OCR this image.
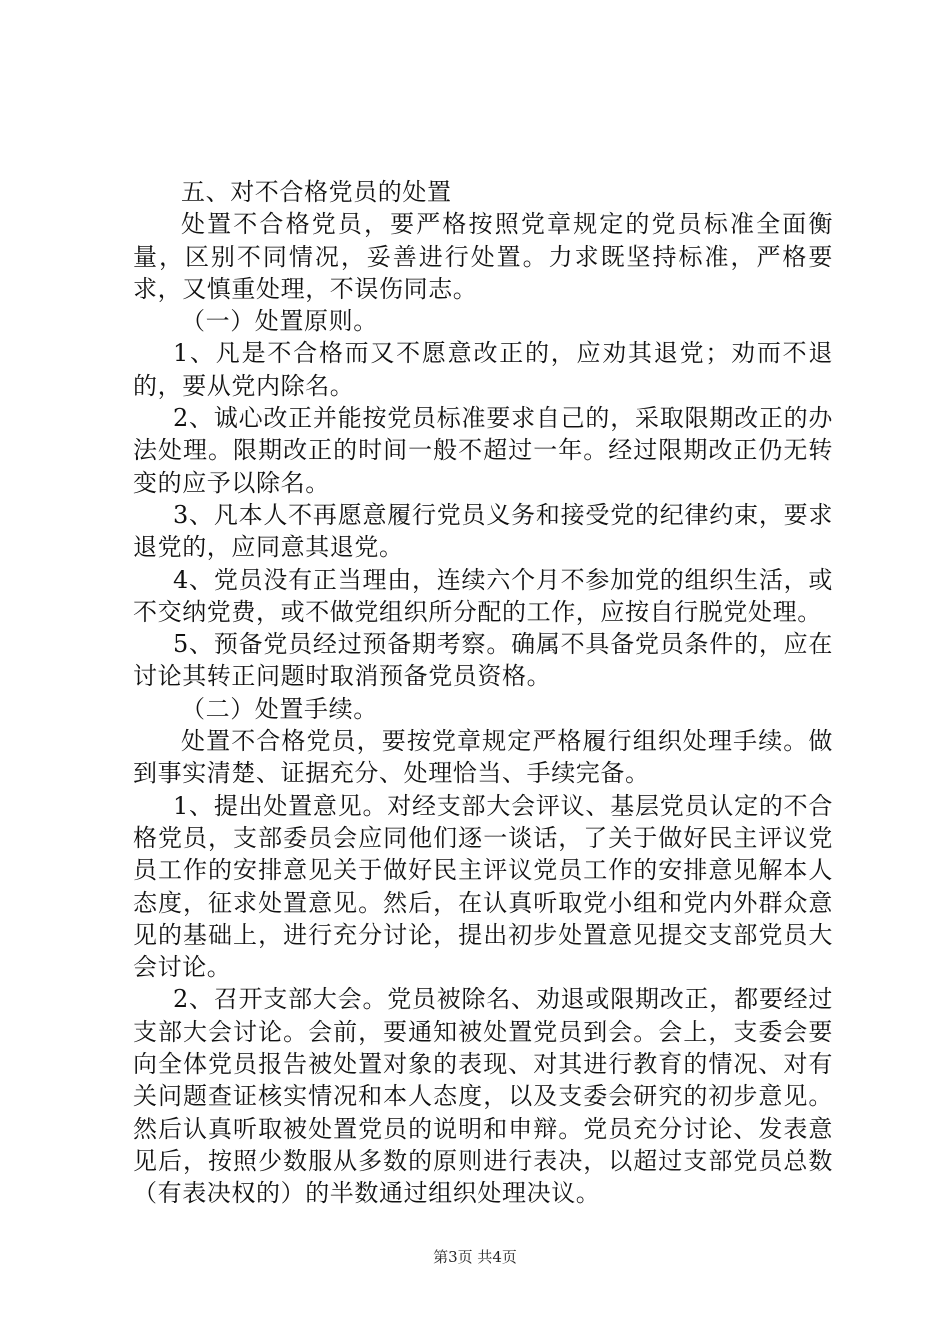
五、对不合格党员的处置

处置不合格党员，要严格按照党章规定的党员标准全面衡量，区别不同情况，妥善进行处置。力求既坚持标准，严格要求，又慎重处理，不误伤同志。

（一）处置原则。

1、凡是不合格而又不愿意改正的，应劝其退党；劝而不退的，要从党内除名。

2、诚心改正并能按党员标准要求自己的，采取限期改正的办法处理。限期改正的时间一般不超过一年。经过限期改正仍无转变的应予以除名。

3、凡本人不再愿意履行党员义务和接受党的纪律约束，要求退党的，应同意其退党。

4、党员没有正当理由，连续六个月不参加党的组织生活，或不交纳党费，或不做党组织所分配的工作，应按自行脱党处理。

5、预备党员经过预备期考察。确属不具备党员条件的，应在讨论其转正问题时取消预备党员资格。

（二）处置手续。

处置不合格党员，要按党章规定严格履行组织处理手续。做到事实清楚、证据充分、处理恰当、手续完备。

1、提出处置意见。对经支部大会评议、基层党员认定的不合格党员，支部委员会应同他们逐一谈话，了关于做好民主评议党员工作的安排意见关于做好民主评议党员工作的安排意见解本人态度，征求处置意见。然后，在认真听取党小组和党内外群众意见的基础上，进行充分讨论，提出初步处置意见提交支部党员大会讨论。

2、召开支部大会。党员被除名、劝退或限期改正，都要经过支部大会讨论。会前，要通知被处置党员到会。会上，支委会要向全体党员报告被处置对象的表现、对其进行教育的情况、对有关问题查证核实情况和本人态度，以及支委会研究的初步意见。然后认真听取被处置党员的说明和申辩。党员充分讨论、发表意见后，按照少数服从多数的原则进行表决，以超过支部党员总数（有表决权的）的半数通过组织处理决议。

第3页 共4页
